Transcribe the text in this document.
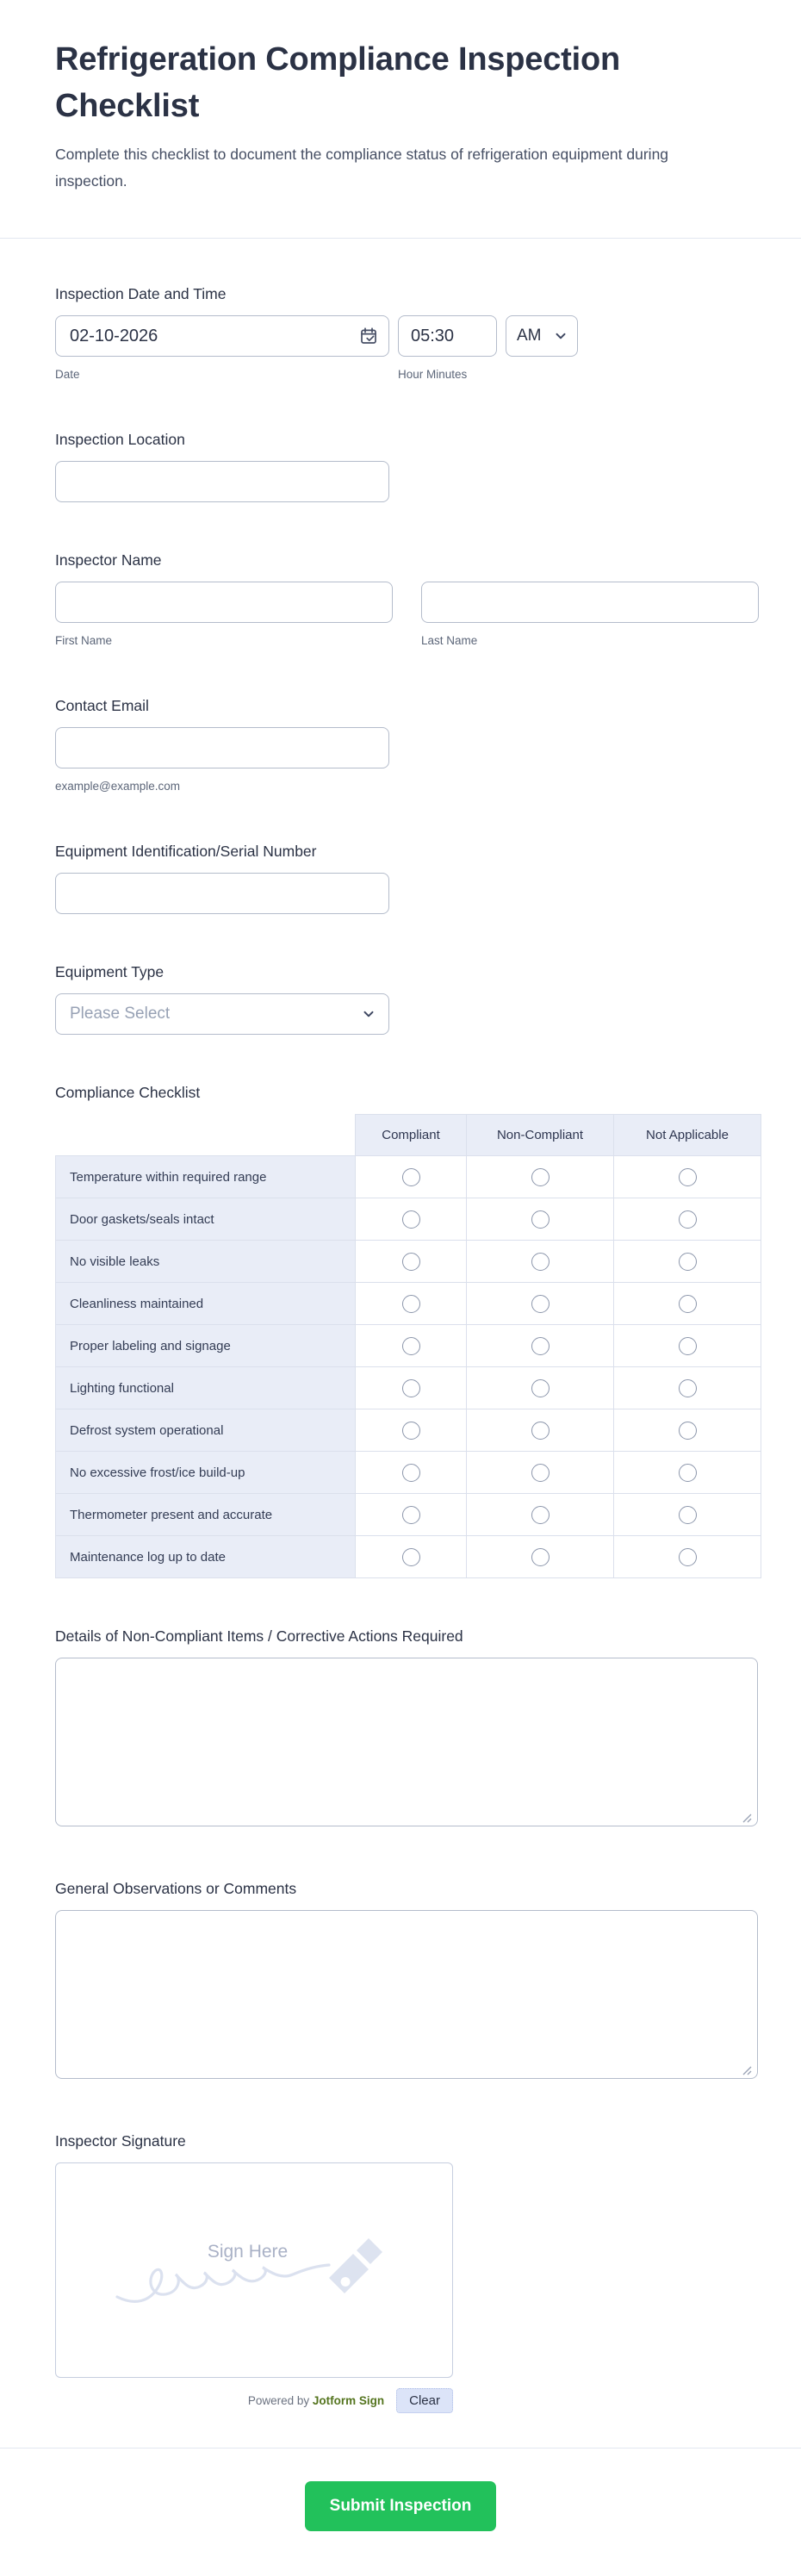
Refrigeration Compliance Inspection Checklist
Complete this checklist to document the compliance status of refrigeration equipment during inspection.
Inspection Date and Time
02-10-2026
Date
05:30	Hour Minutes
AM
Inspection Location
Inspector Name
First Name	Last Name
Contact Email
example@example.com
Equipment Identification/Serial Number
Equipment Type
Please Select
Compliance Checklist
	Compliant	Non-Compliant	Not Applicable
Temperature within required range			
Door gaskets/seals intact			
No visible leaks			
Cleanliness maintained			
Proper labeling and signage			
Lighting functional			
Defrost system operational			
No excessive frost/ice build-up			
Thermometer present and accurate			
Maintenance log up to date			
Details of Non-Compliant Items / Corrective Actions Required
General Observations or Comments
Inspector Signature
Sign Here
Powered by Jotform Sign	Clear
Submit Inspection
